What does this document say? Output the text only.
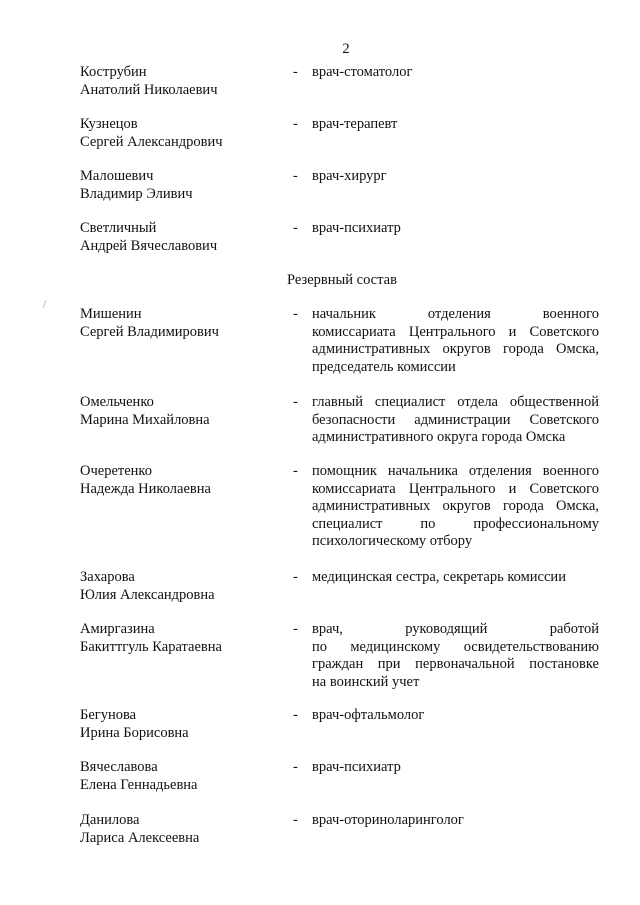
2
Кострубин
Анатолий Николаевич
- врач-стоматолог
Кузнецов
Сергей Александрович
- врач-терапевт
Малошевич
Владимир Эливич
- врач-хирург
Светличный
Андрей Вячеславович
- врач-психиатр
Резервный состав
Мишенин
Сергей Владимирович
- начальник отделения военного
комиссариата Центрального и Советского
административных округов города Омска,
председатель комиссии
Омельченко
Марина Михайловна
- главный специалист отдела общественной
безопасности администрации Советского
административного округа города Омска
Очеретенко
Надежда Николаевна
- помощник начальника отделения военного
комиссариата Центрального и Советского
административных округов города Омска,
специалист по профессиональному
психологическому отбору
Захарова
Юлия Александровна
- медицинская сестра, секретарь комиссии
Амиргазина
Бакиттгуль Каратаевна
- врач, руководящий работой
по медицинскому освидетельствованию
граждан при первоначальной постановке
на воинский учет
Бегунова
Ирина Борисовна
- врач-офтальмолог
Вячеславова
Елена Геннадьевна
- врач-психиатр
Данилова
Лариса Алексеевна
- врач-оториноларинголог
